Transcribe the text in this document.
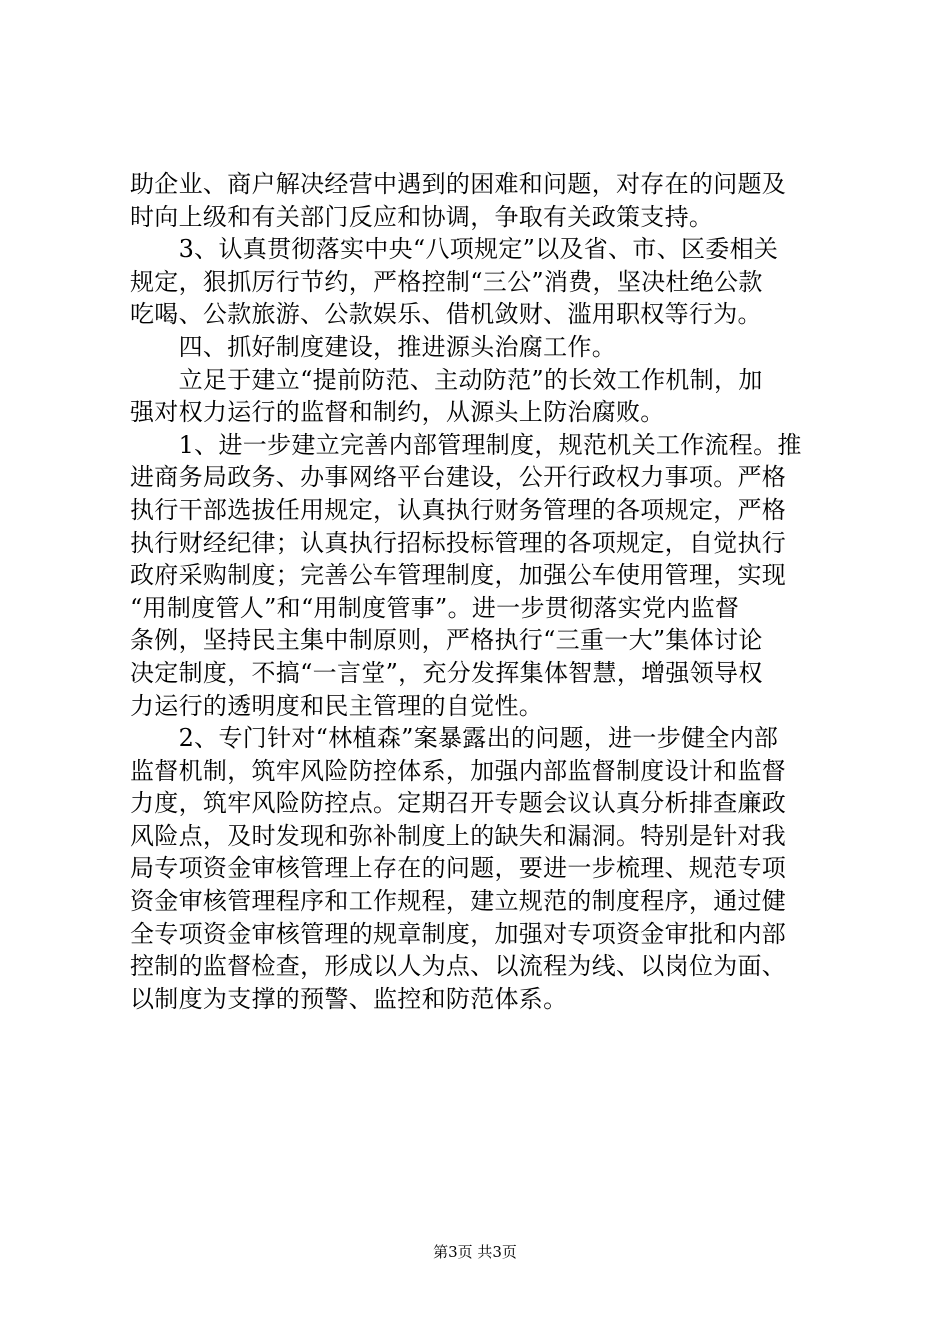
助企业、商户解决经营中遇到的困难和问题，对存在的问题及
时向上级和有关部门反应和协调，争取有关政策支持。
　　3、认真贯彻落实中央“八项规定”以及省、市、区委相关
规定，狠抓厉行节约，严格控制“三公”消费，坚决杜绝公款
吃喝、公款旅游、公款娱乐、借机敛财、滥用职权等行为。
　　四、抓好制度建设，推进源头治腐工作。
　　立足于建立“提前防范、主动防范”的长效工作机制，加
强对权力运行的监督和制约，从源头上防治腐败。
　　1、进一步建立完善内部管理制度，规范机关工作流程。推
进商务局政务、办事网络平台建设，公开行政权力事项。严格
执行干部选拔任用规定，认真执行财务管理的各项规定，严格
执行财经纪律；认真执行招标投标管理的各项规定，自觉执行
政府采购制度；完善公车管理制度，加强公车使用管理，实现
“用制度管人”和“用制度管事”。进一步贯彻落实党内监督
条例，坚持民主集中制原则，严格执行“三重一大”集体讨论
决定制度，不搞“一言堂”，充分发挥集体智慧，增强领导权
力运行的透明度和民主管理的自觉性。
　　2、专门针对“林植森”案暴露出的问题，进一步健全内部
监督机制，筑牢风险防控体系，加强内部监督制度设计和监督
力度，筑牢风险防控点。定期召开专题会议认真分析排查廉政
风险点，及时发现和弥补制度上的缺失和漏洞。特别是针对我
局专项资金审核管理上存在的问题，要进一步梳理、规范专项
资金审核管理程序和工作规程，建立规范的制度程序，通过健
全专项资金审核管理的规章制度，加强对专项资金审批和内部
控制的监督检查，形成以人为点、以流程为线、以岗位为面、
以制度为支撑的预警、监控和防范体系。
第3页 共3页
